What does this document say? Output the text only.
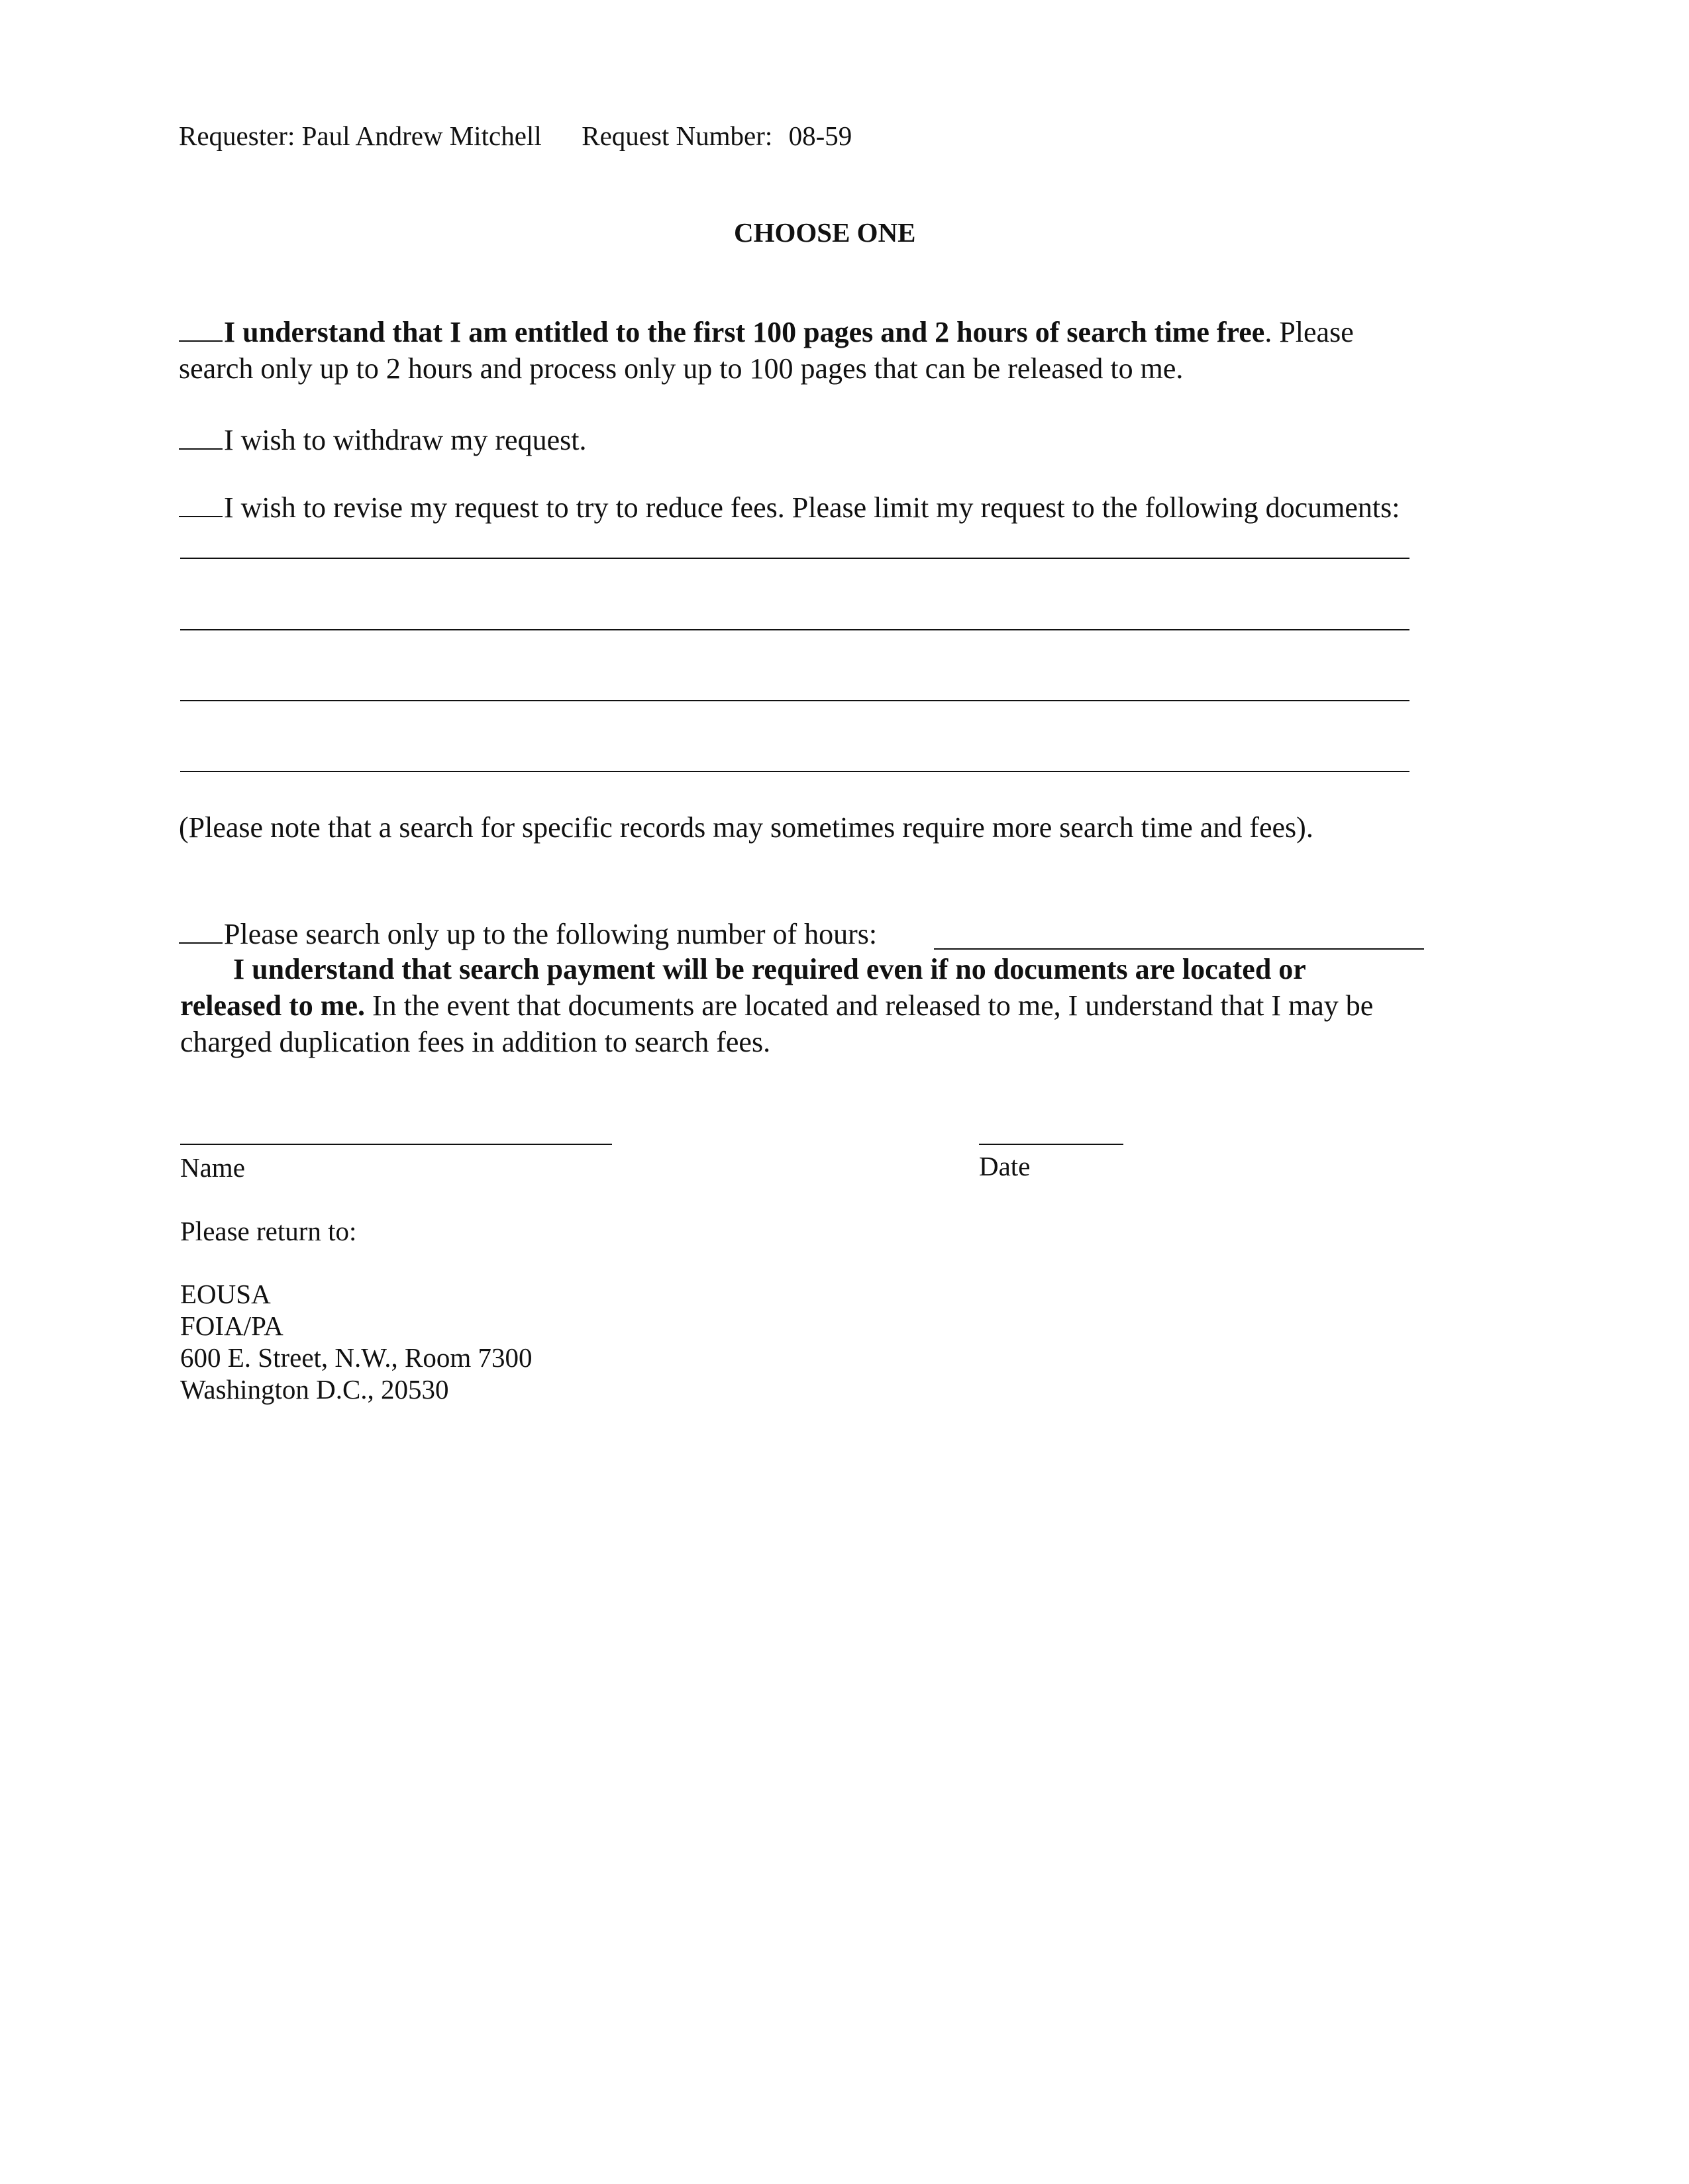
Requester: Paul Andrew Mitchell Request Number: 08-59

CHOOSE ONE

I understand that I am entitled to the first 100 pages and 2 hours of search time free. Please
search only up to 2 hours and process only up to 100 pages that can be released to me.

I wish to withdraw my request.

I wish to revise my request to try to reduce fees. Please limit my request to the following documents:

(Please note that a search for specific records may sometimes require more search time and fees).

Please search only up to the following number of hours:

I understand that search payment will be required even if no documents are located or
released to me. In the event that documents are located and released to me, I understand that I may be
charged duplication fees in addition to search fees.

Name	Date

Please return to:

EOUSA
FOIA/PA
600 E. Street, N.W., Room 7300
Washington D.C., 20530
